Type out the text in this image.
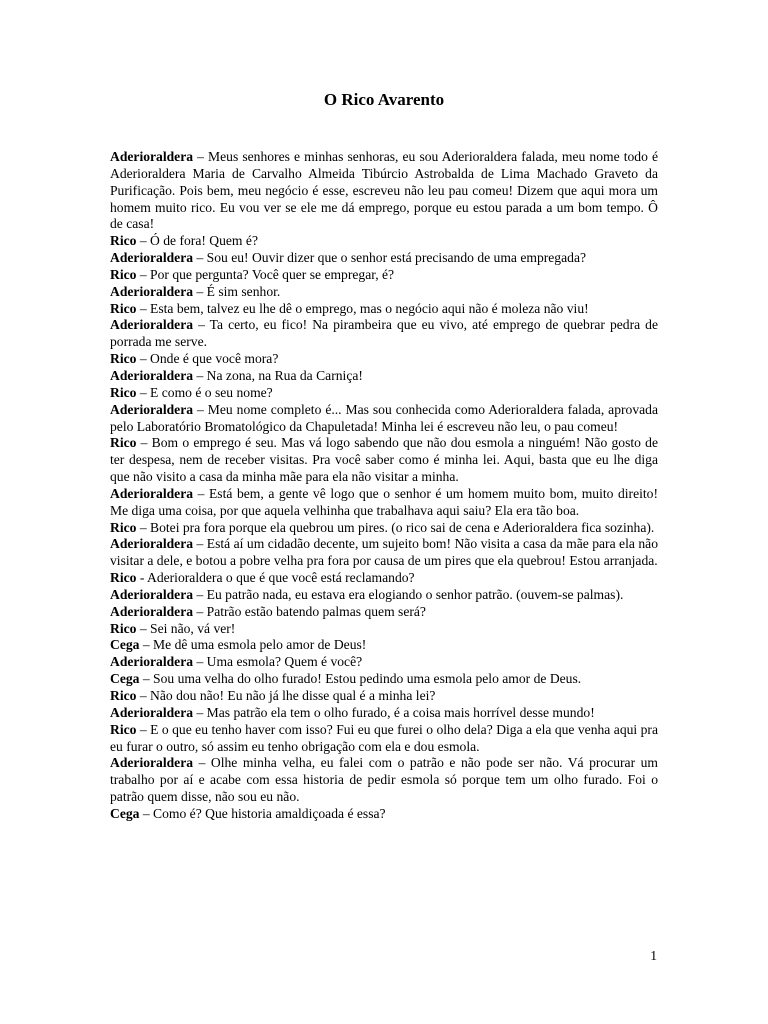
O Rico Avarento

Aderioraldera – Meus senhores e minhas senhoras, eu sou Aderioraldera falada, meu nome todo é Aderioraldera Maria de Carvalho Almeida Tibúrcio Astrobalda de Lima Machado Graveto da Purificação. Pois bem, meu negócio é esse, escreveu não leu pau comeu! Dizem que aqui mora um homem muito rico. Eu vou ver se ele me dá emprego, porque eu estou parada a um bom tempo. Ô de casa!

Rico – Ó de fora! Quem é?

Aderioraldera – Sou eu! Ouvir dizer que o senhor está precisando de uma empregada?

Rico – Por que pergunta? Você quer se empregar, é?

Aderioraldera – É sim senhor.

Rico – Esta bem, talvez eu lhe dê o emprego, mas o negócio aqui não é moleza não viu!

Aderioraldera – Ta certo, eu fico! Na pirambeira que eu vivo, até emprego de quebrar pedra de porrada me serve.

Rico – Onde é que você mora?

Aderioraldera – Na zona, na Rua da Carniça!

Rico – E como é o seu nome?

Aderioraldera – Meu nome completo é... Mas sou conhecida como Aderioraldera falada, aprovada pelo Laboratório Bromatológico da Chapuletada! Minha lei é escreveu não leu, o pau comeu!

Rico – Bom o emprego é seu. Mas vá logo sabendo que não dou esmola a ninguém! Não gosto de ter despesa, nem de receber visitas. Pra você saber como é minha lei. Aqui, basta que eu lhe diga que não visito a casa da minha mãe para ela não visitar a minha.

Aderioraldera – Está bem, a gente vê logo que o senhor é um homem muito bom, muito direito! Me diga uma coisa, por que aquela velhinha que trabalhava aqui saiu? Ela era tão boa.

Rico – Botei pra fora porque ela quebrou um pires. (o rico sai de cena e Aderioraldera fica sozinha).

Aderioraldera – Está aí um cidadão decente, um sujeito bom! Não visita a casa da mãe para ela não visitar a dele, e botou a pobre velha pra fora por causa de um pires que ela quebrou! Estou arranjada.

Rico - Aderioraldera o que é que você está reclamando?

Aderioraldera – Eu patrão nada, eu estava era elogiando o senhor patrão. (ouvem-se palmas).

Aderioraldera – Patrão estão batendo palmas quem será?

Rico – Sei não, vá ver!

Cega – Me dê uma esmola pelo amor de Deus!

Aderioraldera – Uma esmola? Quem é você?

Cega – Sou uma velha do olho furado! Estou pedindo uma esmola pelo amor de Deus.

Rico – Não dou não! Eu não já lhe disse qual é a minha lei?

Aderioraldera – Mas patrão ela tem o olho furado, é a coisa mais horrível desse mundo!

Rico – E o que eu tenho haver com isso? Fui eu que furei o olho dela? Diga a ela que venha aqui pra eu furar o outro, só assim eu tenho obrigação com ela e dou esmola.

Aderioraldera – Olhe minha velha, eu falei com o patrão e não pode ser não. Vá procurar um trabalho por aí e acabe com essa historia de pedir esmola só porque tem um olho furado. Foi o patrão quem disse, não sou eu não.

Cega – Como é? Que historia amaldiçoada é essa?

1
